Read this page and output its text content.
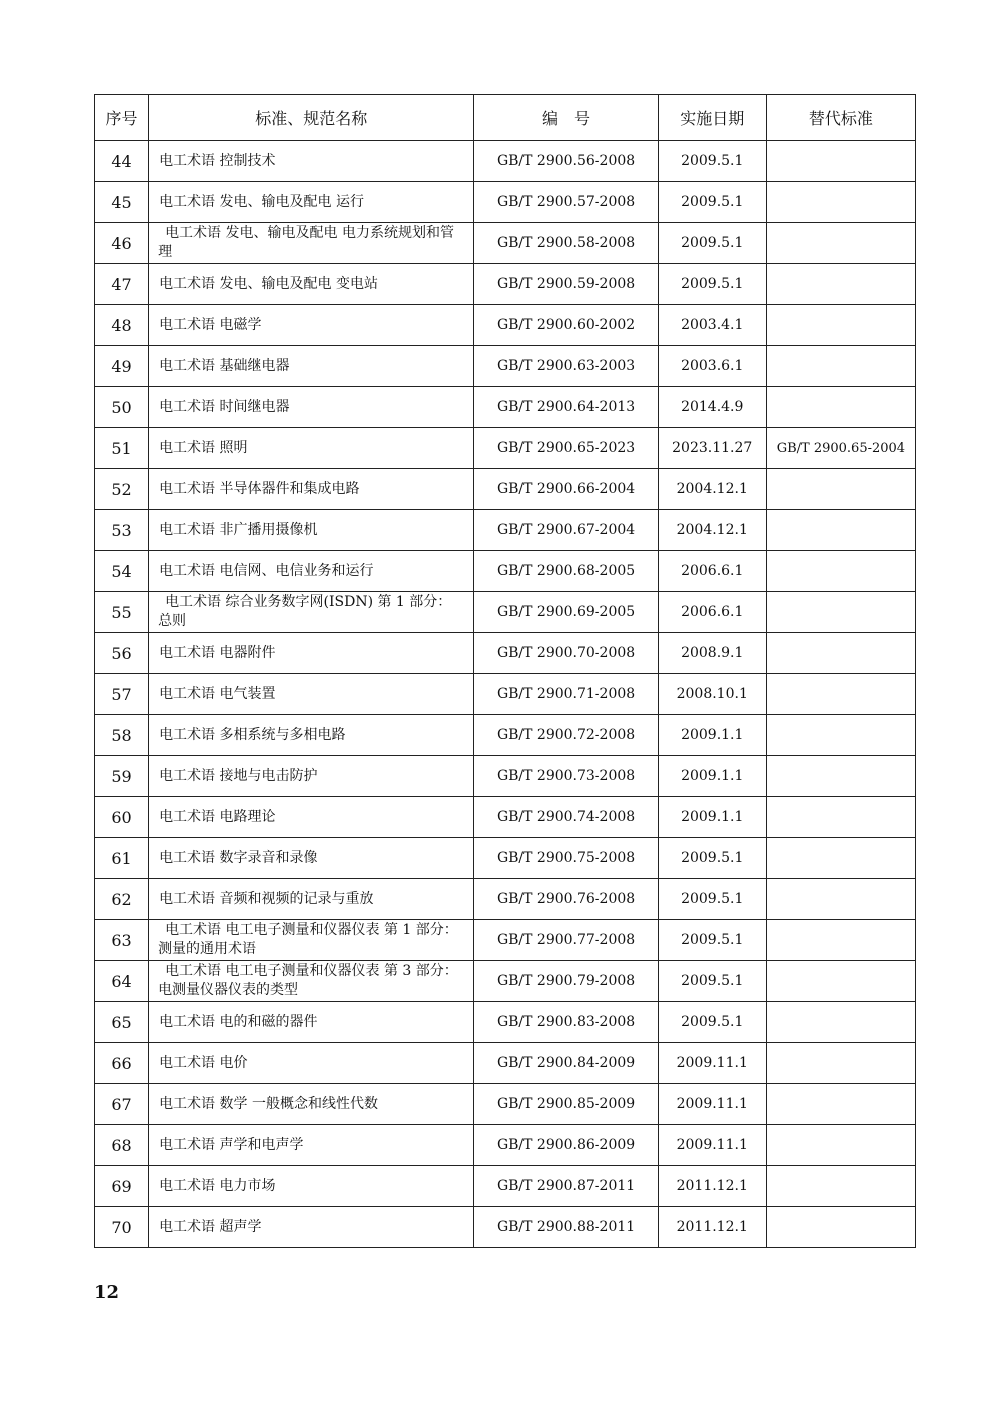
序号	标准、规范名称	编　号	实施日期	替代标准
44	电工术语 控制技术	GB/T 2900.56-2008	2009.5.1	
45	电工术语 发电、输电及配电 运行	GB/T 2900.57-2008	2009.5.1	
46	电工术语 发电、输电及配电 电力系统规划和管理	GB/T 2900.58-2008	2009.5.1	
47	电工术语 发电、输电及配电 变电站	GB/T 2900.59-2008	2009.5.1	
48	电工术语 电磁学	GB/T 2900.60-2002	2003.4.1	
49	电工术语 基础继电器	GB/T 2900.63-2003	2003.6.1	
50	电工术语 时间继电器	GB/T 2900.64-2013	2014.4.9	
51	电工术语 照明	GB/T 2900.65-2023	2023.11.27	GB/T 2900.65-2004
52	电工术语 半导体器件和集成电路	GB/T 2900.66-2004	2004.12.1	
53	电工术语 非广播用摄像机	GB/T 2900.67-2004	2004.12.1	
54	电工术语 电信网、电信业务和运行	GB/T 2900.68-2005	2006.6.1	
55	电工术语 综合业务数字网(ISDN) 第 1 部分：总则	GB/T 2900.69-2005	2006.6.1	
56	电工术语 电器附件	GB/T 2900.70-2008	2008.9.1	
57	电工术语 电气装置	GB/T 2900.71-2008	2008.10.1	
58	电工术语 多相系统与多相电路	GB/T 2900.72-2008	2009.1.1	
59	电工术语 接地与电击防护	GB/T 2900.73-2008	2009.1.1	
60	电工术语 电路理论	GB/T 2900.74-2008	2009.1.1	
61	电工术语 数字录音和录像	GB/T 2900.75-2008	2009.5.1	
62	电工术语 音频和视频的记录与重放	GB/T 2900.76-2008	2009.5.1	
63	电工术语 电工电子测量和仪器仪表 第 1 部分：测量的通用术语	GB/T 2900.77-2008	2009.5.1	
64	电工术语 电工电子测量和仪器仪表 第 3 部分：电测量仪器仪表的类型	GB/T 2900.79-2008	2009.5.1	
65	电工术语 电的和磁的器件	GB/T 2900.83-2008	2009.5.1	
66	电工术语 电价	GB/T 2900.84-2009	2009.11.1	
67	电工术语 数学 一般概念和线性代数	GB/T 2900.85-2009	2009.11.1	
68	电工术语 声学和电声学	GB/T 2900.86-2009	2009.11.1	
69	电工术语 电力市场	GB/T 2900.87-2011	2011.12.1	
70	电工术语 超声学	GB/T 2900.88-2011	2011.12.1	
12
